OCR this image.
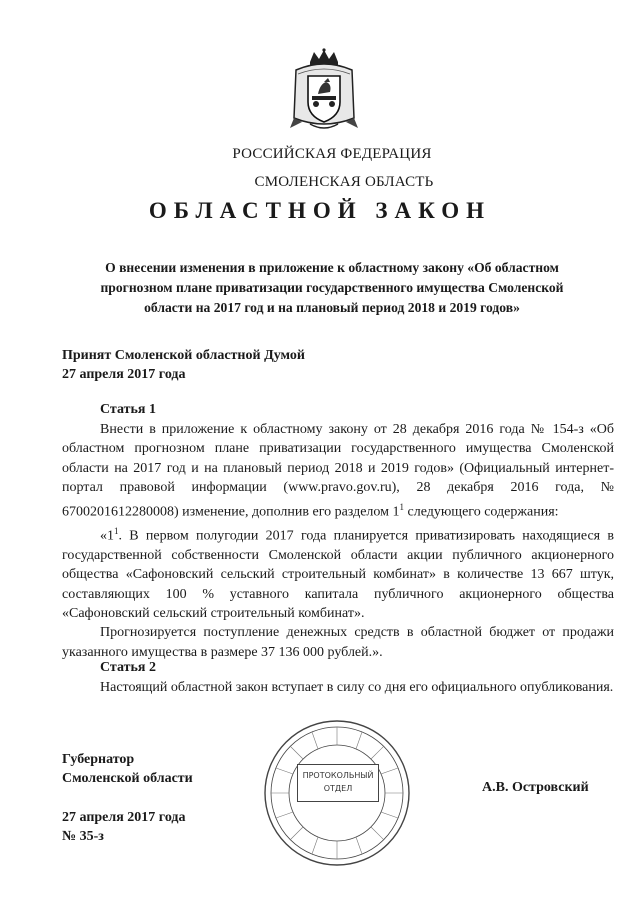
РОССИЙСКАЯ ФЕДЕРАЦИЯ
СМОЛЕНСКАЯ ОБЛАСТЬ
ОБЛАСТНОЙ ЗАКОН
О внесении изменения в приложение к областному закону «Об областном
прогнозном плане приватизации государственного имущества Смоленской
области на 2017 год и на плановый период 2018 и 2019 годов»
Принят Смоленской областной Думой
27 апреля 2017 года
Статья 1

Внести в приложение к областному закону от 28 декабря 2016 года № 154-з «Об областном прогнозном плане приватизации государственного имущества Смоленской области на 2017 год и на плановый период 2018 и 2019 годов» (Официальный интернет-портал правовой информации (www.pravo.gov.ru), 28 декабря 2016 года, № 6700201612280008) изменение, дополнив его разделом $1^1$ следующего содержания:

«$1^1$. В первом полугодии 2017 года планируется приватизировать находящиеся в государственной собственности Смоленской области акции публичного акционерного общества «Сафоновский сельский строительный комбинат» в количестве 13 667 штук, составляющих 100 % уставного капитала публичного акционерного общества «Сафоновский сельский строительный комбинат».

Прогнозируется поступление денежных средств в областной бюджет от продажи указанного имущества в размере 37 136 000 рублей.».

Статья 2

Настоящий областной закон вступает в силу со дня его официального опубликования.

Губернатор
Смоленской области	ПРОТОКОЛЬНЫЙ
ОТДЕЛ	А.В. Островский
27 апреля 2017 года
№ 35-з
